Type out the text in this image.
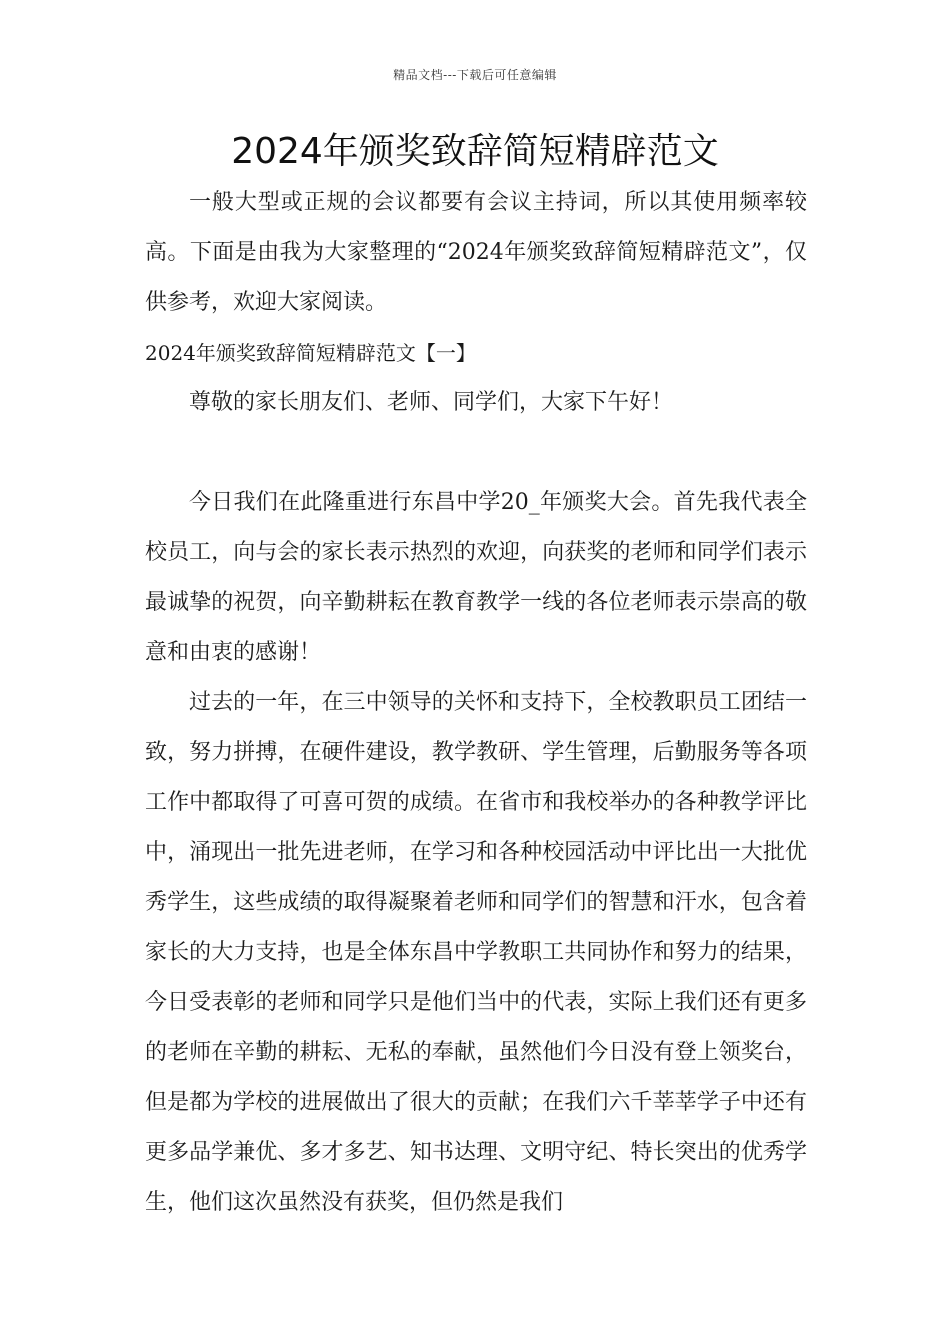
精品文档---下载后可任意编辑
2024年颁奖致辞简短精辟范文

一般大型或正规的会议都要有会议主持词，所以其使用频率较高。下面是由我为大家整理的“2024年颁奖致辞简短精辟范文”，仅供参考，欢迎大家阅读。

2024年颁奖致辞简短精辟范文【一】

尊敬的家长朋友们、老师、同学们，大家下午好！

今日我们在此隆重进行东昌中学20_年颁奖大会。首先我代表全校员工，向与会的家长表示热烈的欢迎，向获奖的老师和同学们表示最诚挚的祝贺，向辛勤耕耘在教育教学一线的各位老师表示崇高的敬意和由衷的感谢！

过去的一年，在三中领导的关怀和支持下，全校教职员工团结一致，努力拼搏，在硬件建设，教学教研、学生管理，后勤服务等各项工作中都取得了可喜可贺的成绩。在省市和我校举办的各种教学评比中，涌现出一批先进老师，在学习和各种校园活动中评比出一大批优秀学生，这些成绩的取得凝聚着老师和同学们的智慧和汗水，包含着家长的大力支持，也是全体东昌中学教职工共同协作和努力的结果，今日受表彰的老师和同学只是他们当中的代表，实际上我们还有更多的老师在辛勤的耕耘、无私的奉献，虽然他们今日没有登上领奖台，但是都为学校的进展做出了很大的贡献；在我们六千莘莘学子中还有更多品学兼优、多才多艺、知书达理、文明守纪、特长突出的优秀学生，他们这次虽然没有获奖，但仍然是我们
